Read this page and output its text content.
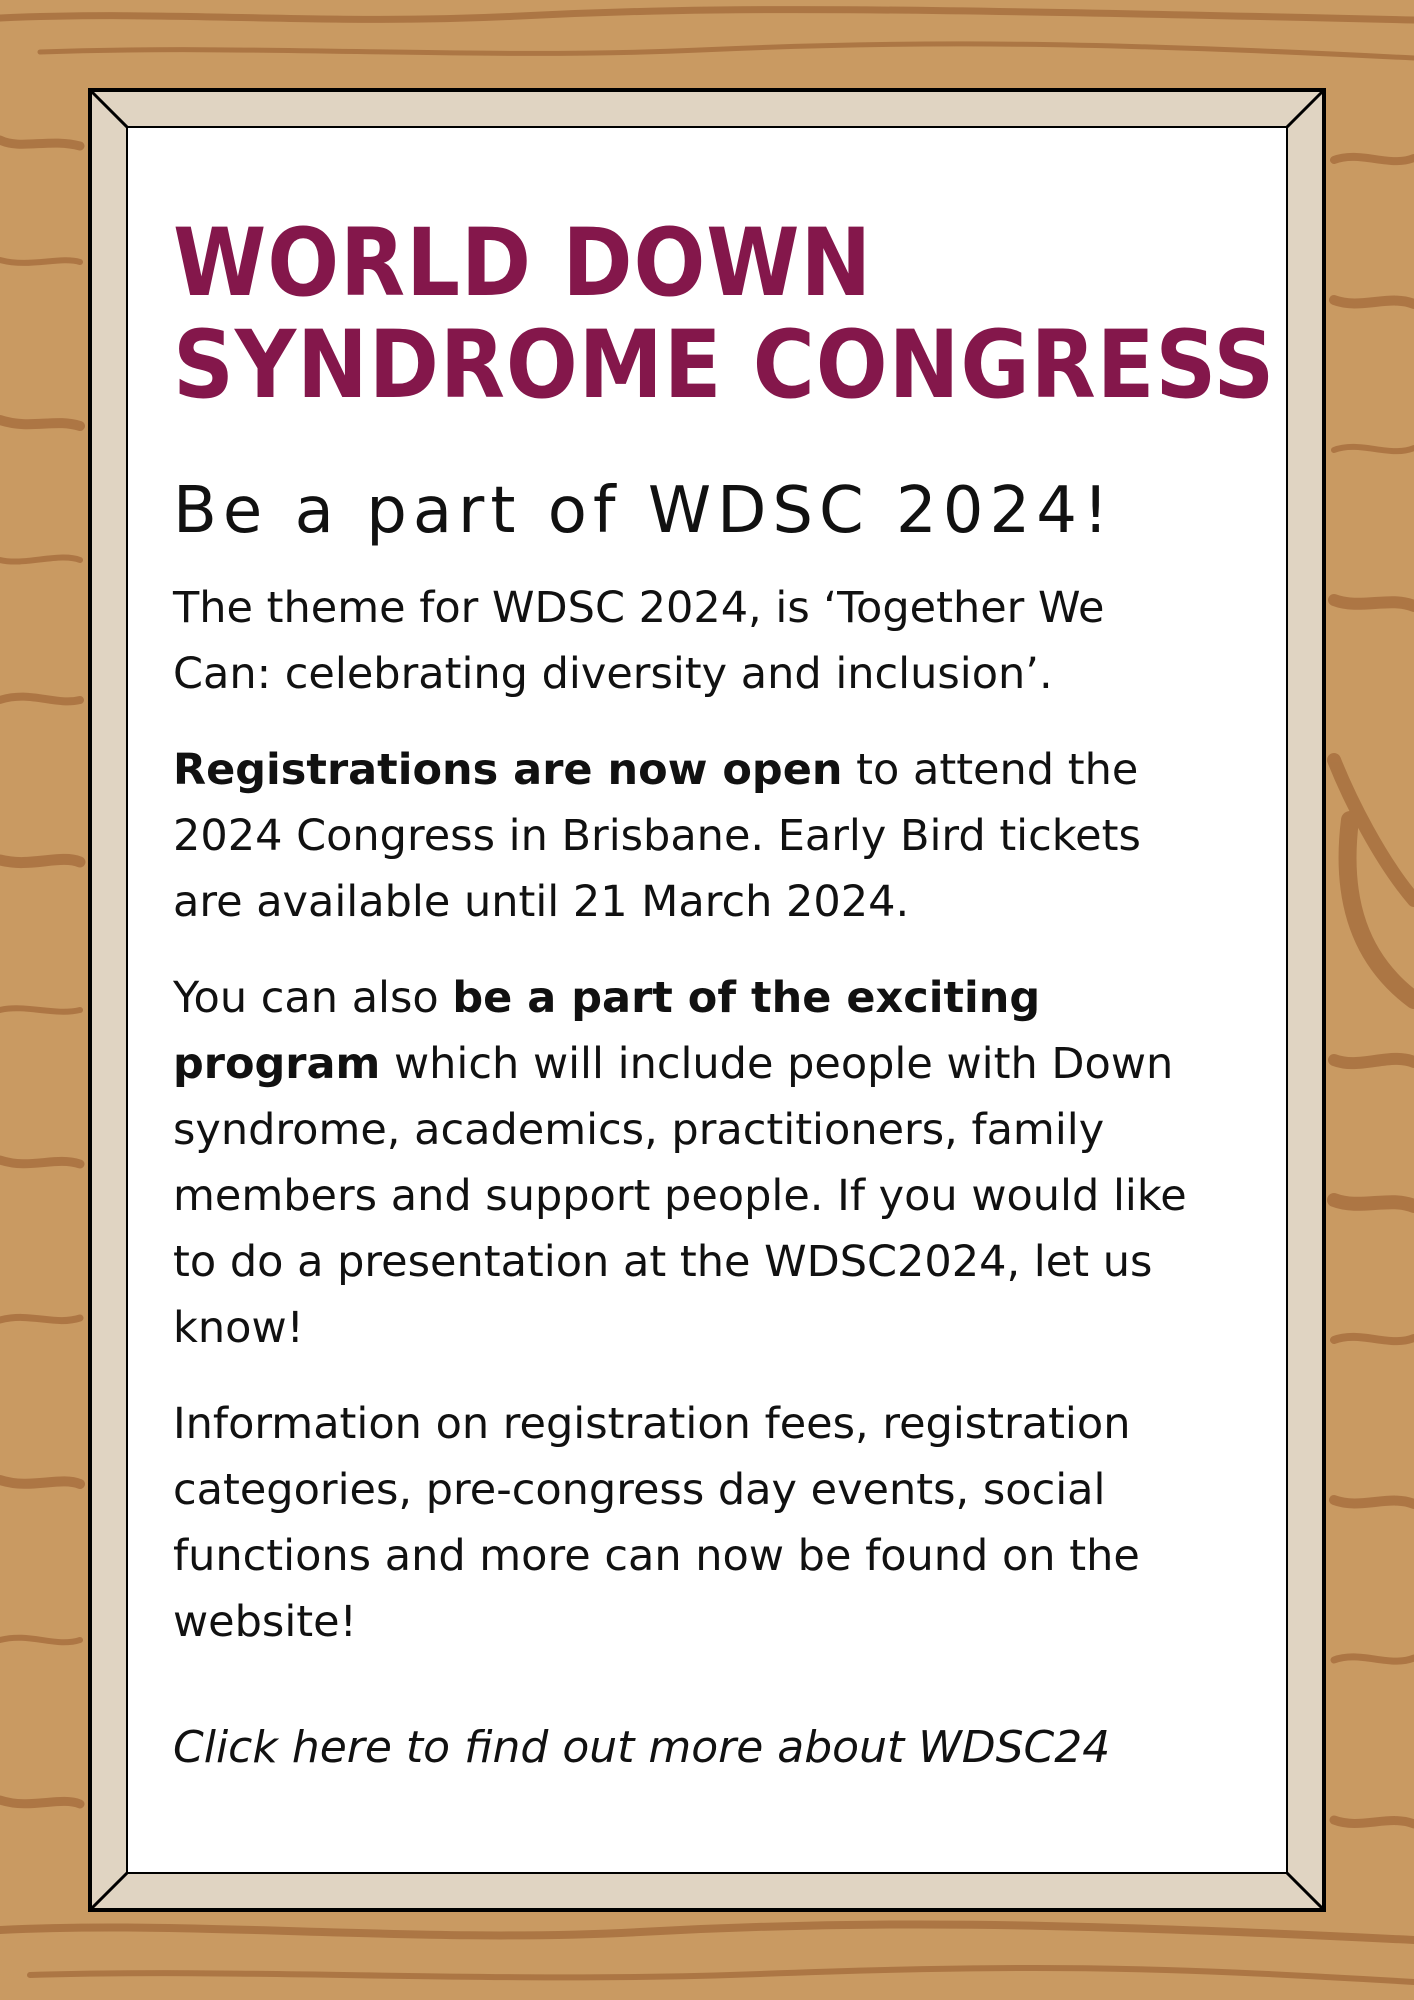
WORLD DOWN
SYNDROME CONGRESS
Be a part of WDSC 2024!

The theme for WDSC 2024, is ‘Together We Can: celebrating diversity and inclusion’.

Registrations are now open to attend the 2024 Congress in Brisbane. Early Bird tickets are available until 21 March 2024.

You can also be a part of the exciting program which will include people with Down syndrome, academics, practitioners, family members and support people. If you would like to do a presentation at the WDSC2024, let us know!

Information on registration fees, registration categories, pre-congress day events, social functions and more can now be found on the website!

Click here to find out more about WDSC24
